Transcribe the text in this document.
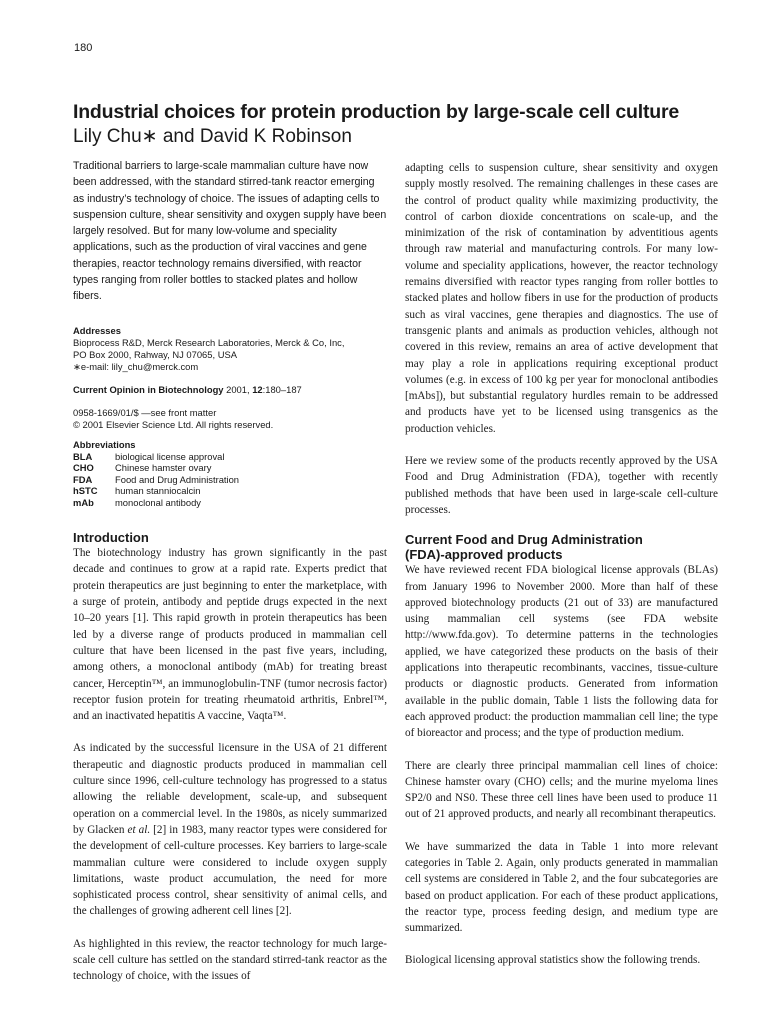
180
Industrial choices for protein production by large-scale cell culture
Lily Chu∗ and David K Robinson

Traditional barriers to large-scale mammalian culture have now been addressed, with the standard stirred-tank reactor emerging as industry’s technology of choice. The issues of adapting cells to suspension culture, shear sensitivity and oxygen supply have been largely resolved. But for many low-volume and speciality applications, such as the production of viral vaccines and gene therapies, reactor technology remains diversified, with reactor types ranging from roller bottles to stacked plates and hollow fibers.

Addresses

Bioprocess R&D, Merck Research Laboratories, Merck & Co, Inc,

PO Box 2000, Rahway, NJ 07065, USA

∗e-mail: lily_chu@merck.com

Current Opinion in Biotechnology 2001, 12:180–187

0958-1669/01/$ —see front matter

© 2001 Elsevier Science Ltd. All rights reserved.

Abbreviations

BLA	biological license approval
CHO	Chinese hamster ovary
FDA	Food and Drug Administration
hSTC	human stanniocalcin
mAb	monoclonal antibody
Introduction

The biotechnology industry has grown significantly in the past decade and continues to grow at a rapid rate. Experts predict that protein therapeutics are just beginning to enter the marketplace, with a surge of protein, antibody and peptide drugs expected in the next 10–20 years [1]. This rapid growth in protein therapeutics has been led by a diverse range of products produced in mammalian cell culture that have been licensed in the past five years, including, among others, a monoclonal antibody (mAb) for treating breast cancer, Herceptin™, an immunoglobulin-TNF (tumor necrosis factor) receptor fusion protein for treating rheumatoid arthritis, Enbrel™, and an inactivated hepatitis A vaccine, Vaqta™.

As indicated by the successful licensure in the USA of 21 different therapeutic and diagnostic products produced in mammalian cell culture since 1996, cell-culture technology has progressed to a status allowing the reliable development, scale-up, and subsequent operation on a commercial level. In the 1980s, as nicely summarized by Glacken et al. [2] in 1983, many reactor types were considered for the development of cell-culture processes. Key barriers to large-scale mammalian culture were considered to include oxygen supply limitations, waste product accumulation, the need for more sophisticated process control, shear sensitivity of animal cells, and the challenges of growing adherent cell lines [2].

As highlighted in this review, the reactor technology for much large-scale cell culture has settled on the standard stirred-tank reactor as the technology of choice, with the issues of

adapting cells to suspension culture, shear sensitivity and oxygen supply mostly resolved. The remaining challenges in these cases are the control of product quality while maximizing productivity, the control of carbon dioxide concentrations on scale-up, and the minimization of the risk of contamination by adventitious agents through raw material and manufacturing controls. For many low-volume and speciality applications, however, the reactor technology remains diversified with reactor types ranging from roller bottles to stacked plates and hollow fibers in use for the production of products such as viral vaccines, gene therapies and diagnostics. The use of transgenic plants and animals as production vehicles, although not covered in this review, remains an area of active development that may play a role in applications requiring exceptional product volumes (e.g. in excess of 100 kg per year for monoclonal antibodies [mAbs]), but substantial regulatory hurdles remain to be addressed and products have yet to be licensed using transgenics as the production vehicles.

Here we review some of the products recently approved by the USA Food and Drug Administration (FDA), together with recently published methods that have been used in large-scale cell-culture processes.

Current Food and Drug Administration
(FDA)-approved products

We have reviewed recent FDA biological license approvals (BLAs) from January 1996 to November 2000. More than half of these approved biotechnology products (21 out of 33) are manufactured using mammalian cell systems (see FDA website http://www.fda.gov). To determine patterns in the technologies applied, we have categorized these products on the basis of their applications into therapeutic recombinants, vaccines, tissue-culture products or diagnostic products. Generated from information available in the public domain, Table 1 lists the following data for each approved product: the production mammalian cell line; the type of bioreactor and process; and the type of production medium.

There are clearly three principal mammalian cell lines of choice: Chinese hamster ovary (CHO) cells; and the murine myeloma lines SP2/0 and NS0. These three cell lines have been used to produce 11 out of 21 approved products, and nearly all recombinant therapeutics.

We have summarized the data in Table 1 into more relevant categories in Table 2. Again, only products generated in mammalian cell systems are considered in Table 2, and the four subcategories are based on product application. For each of these product applications, the reactor type, process feeding design, and medium type are summarized.

Biological licensing approval statistics show the following trends.
